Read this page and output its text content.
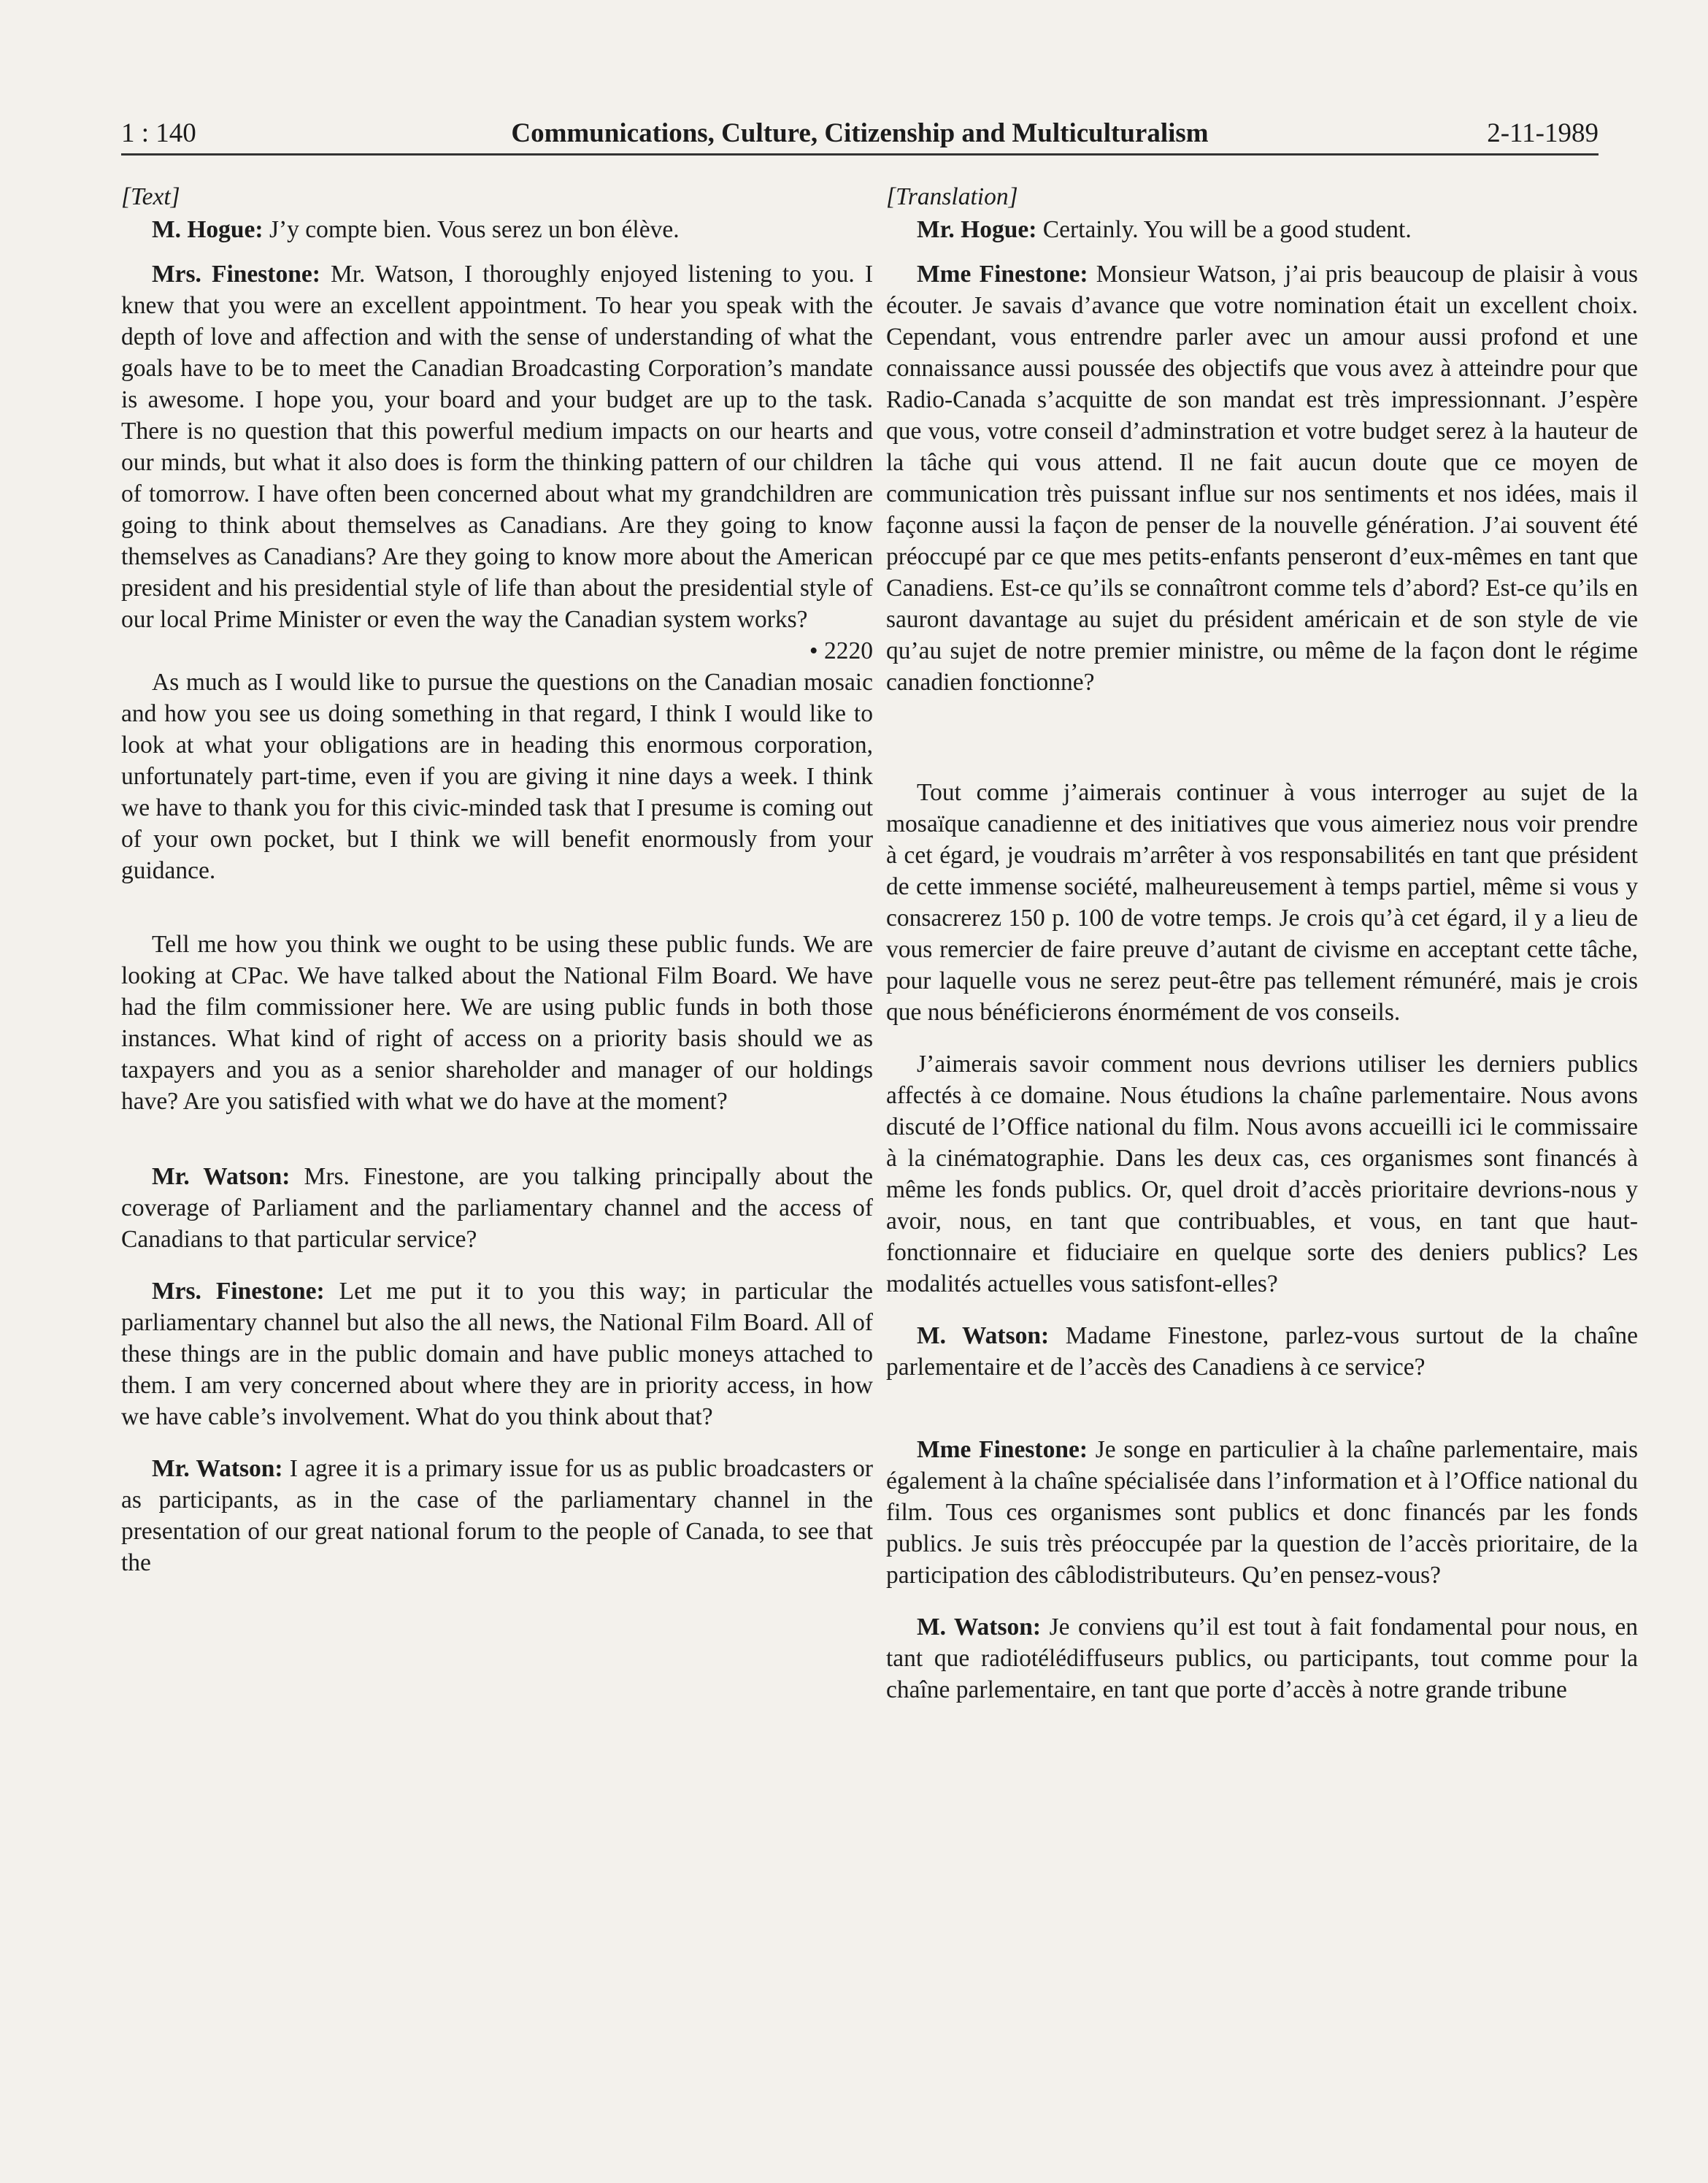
1 : 140	Communications, Culture, Citizenship and Multiculturalism	2-11-1989

[Text]

M. Hogue: J’y compte bien. Vous serez un bon élève.

Mrs. Finestone: Mr. Watson, I thoroughly enjoyed listening to you. I knew that you were an excellent appointment. To hear you speak with the depth of love and affection and with the sense of understanding of what the goals have to be to meet the Canadian Broadcasting Corporation’s mandate is awesome. I hope you, your board and your budget are up to the task. There is no question that this powerful medium impacts on our hearts and our minds, but what it also does is form the thinking pattern of our children of tomorrow. I have often been concerned about what my grandchildren are going to think about themselves as Canadians. Are they going to know themselves as Canadians? Are they going to know more about the American president and his presidential style of life than about the presidential style of our local Prime Minister or even the way the Canadian system works?

• 2220

As much as I would like to pursue the questions on the Canadian mosaic and how you see us doing something in that regard, I think I would like to look at what your obligations are in heading this enormous corporation, unfortunately part-time, even if you are giving it nine days a week. I think we have to thank you for this civic-minded task that I presume is coming out of your own pocket, but I think we will benefit enormously from your guidance.

Tell me how you think we ought to be using these public funds. We are looking at CPac. We have talked about the National Film Board. We have had the film commissioner here. We are using public funds in both those instances. What kind of right of access on a priority basis should we as taxpayers and you as a senior shareholder and manager of our holdings have? Are you satisfied with what we do have at the moment?

Mr. Watson: Mrs. Finestone, are you talking principally about the coverage of Parliament and the parliamentary channel and the access of Canadians to that particular service?

Mrs. Finestone: Let me put it to you this way; in particular the parliamentary channel but also the all news, the National Film Board. All of these things are in the public domain and have public moneys attached to them. I am very concerned about where they are in priority access, in how we have cable’s involvement. What do you think about that?

Mr. Watson: I agree it is a primary issue for us as public broadcasters or as participants, as in the case of the parliamentary channel in the presentation of our great national forum to the people of Canada, to see that the

[Translation]

Mr. Hogue: Certainly. You will be a good student.

Mme Finestone: Monsieur Watson, j’ai pris beaucoup de plaisir à vous écouter. Je savais d’avance que votre nomination était un excellent choix. Cependant, vous entrendre parler avec un amour aussi profond et une connaissance aussi poussée des objectifs que vous avez à atteindre pour que Radio-Canada s’acquitte de son mandat est très impressionnant. J’espère que vous, votre conseil d’adminstration et votre budget serez à la hauteur de la tâche qui vous attend. Il ne fait aucun doute que ce moyen de communication très puissant influe sur nos sentiments et nos idées, mais il façonne aussi la façon de penser de la nouvelle génération. J’ai souvent été préoccupé par ce que mes petits-enfants penseront d’eux-mêmes en tant que Canadiens. Est-ce qu’ils se connaîtront comme tels d’abord? Est-ce qu’ils en sauront davantage au sujet du président américain et de son style de vie qu’au sujet de notre premier ministre, ou même de la façon dont le régime canadien fonctionne?

Tout comme j’aimerais continuer à vous interroger au sujet de la mosaïque canadienne et des initiatives que vous aimeriez nous voir prendre à cet égard, je voudrais m’arrêter à vos responsabilités en tant que président de cette immense société, malheureusement à temps partiel, même si vous y consacrerez 150 p. 100 de votre temps. Je crois qu’à cet égard, il y a lieu de vous remercier de faire preuve d’autant de civisme en acceptant cette tâche, pour laquelle vous ne serez peut-être pas tellement rémunéré, mais je crois que nous bénéficierons énormément de vos conseils.

J’aimerais savoir comment nous devrions utiliser les derniers publics affectés à ce domaine. Nous étudions la chaîne parlementaire. Nous avons discuté de l’Office national du film. Nous avons accueilli ici le commissaire à la cinématographie. Dans les deux cas, ces organismes sont financés à même les fonds publics. Or, quel droit d’accès prioritaire devrions-nous y avoir, nous, en tant que contribuables, et vous, en tant que haut-fonctionnaire et fiduciaire en quelque sorte des deniers publics? Les modalités actuelles vous satisfont-elles?

M. Watson: Madame Finestone, parlez-vous surtout de la chaîne parlementaire et de l’accès des Canadiens à ce service?

Mme Finestone: Je songe en particulier à la chaîne parlementaire, mais également à la chaîne spécialisée dans l’information et à l’Office national du film. Tous ces organismes sont publics et donc financés par les fonds publics. Je suis très préoccupée par la question de l’accès prioritaire, de la participation des câblodistributeurs. Qu’en pensez-vous?

M. Watson: Je conviens qu’il est tout à fait fondamental pour nous, en tant que radiotélédiffuseurs publics, ou participants, tout comme pour la chaîne parlementaire, en tant que porte d’accès à notre grande tribune
